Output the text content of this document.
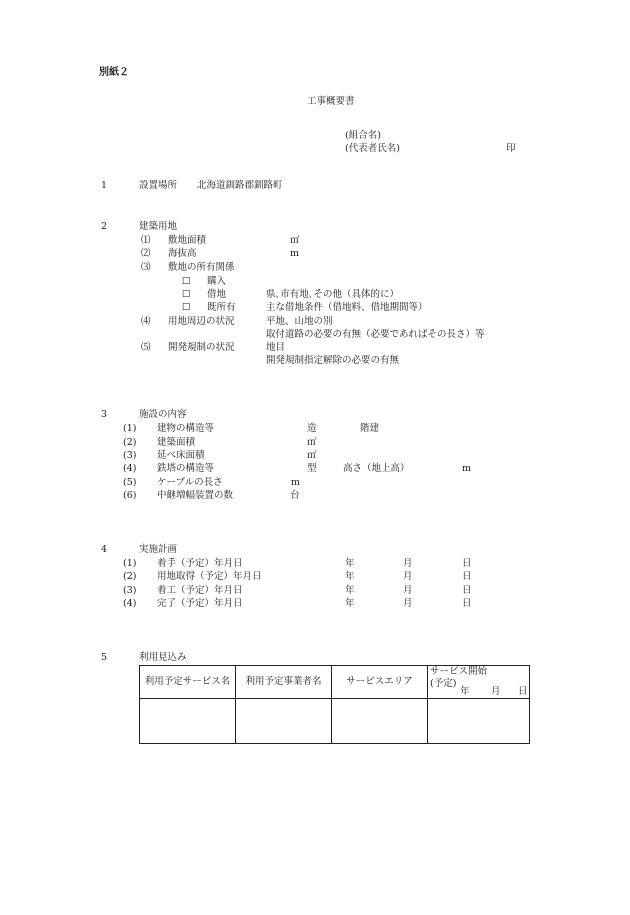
別紙２
工事概要書
(組合名)
(代表者氏名)	印
1	設置場所 北海道釧路郡釧路町
2	建築用地
⑴ 敷地面積	㎡
⑵ 海抜高	m
⑶ 敷地の所有関係
☐ 購入
☐ 借地	県､市有地､その他（具体的に）
☐ 既所有	主な借地条件（借地料、借地期間等）
⑷ 用地周辺の状況	平地、山地の別
取付道路の必要の有無（必要であればその長さ）等
⑸ 開発規制の状況	地目
開発規制指定解除の必要の有無
3	施設の内容
(1) 建物の構造等	造	階建
(2) 建築面積	㎡
(3) 延べ床面積	㎡
(4) 鉄塔の構造等	型	高さ（地上高）	m
(5) ケーブルの長さ	m
(6) 中継増幅装置の数	台
4	実施計画
(1) 着手（予定）年月日	年	月	日
(2) 用地取得（予定）年月日	年	月	日
(3) 着工（予定）年月日	年	月	日
(4) 完了（予定）年月日	年	月	日
5	利用見込み
利用予定サービス名	利用予定事業者名	サービスエリア	サービス開始
(予定)
年 月 日
